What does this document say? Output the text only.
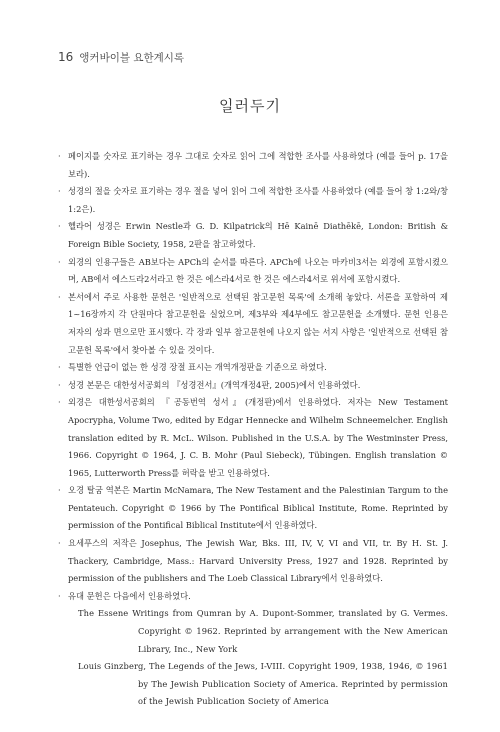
16 앵커바이블 요한계시록
일러두기
· 페이지를 숫자로 표기하는 경우 그대로 숫자로 읽어 그에 적합한 조사를 사용하였다 (예를 들어 p. 17을 보라).
· 성경의 절을 숫자로 표기하는 경우 절을 넣어 읽어 그에 적합한 조사를 사용하였다 (예를 들어 창 1:2와/창 1:2은).
· 헬라어 성경은 Erwin Nestle과 G. D. Kilpatrick의 Hē Kainē Diathēkē, London: British & Foreign Bible Society, 1958, 2판을 참고하였다.
· 외경의 인용구들은 AB보다는 APCh의 순서를 따른다. APCh에 나오는 마카비3서는 외경에 포함시켰으며, AB에서 에스드라2서라고 한 것은 에스라4서로 한 것은 에스라4서로 위서에 포함시켰다.
· 본서에서 주로 사용한 문헌은 '일반적으로 선택된 참고문헌 목록'에 소개해 놓았다. 서론을 포함하여 제1~16장까지 각 단원마다 참고문헌을 실었으며, 제3부와 제4부에도 참고문헌을 소개했다. 문헌 인용은 저자의 성과 면으로만 표시했다. 각 장과 일부 참고문헌에 나오지 않는 서지 사항은 '일반적으로 선택된 참고문헌 목록'에서 찾아볼 수 있을 것이다.
· 특별한 언급이 없는 한 성경 장절 표시는 개역개정판을 기준으로 하였다.
· 성경 본문은 대한성서공회의 『성경전서』(개역개정4판, 2005)에서 인용하였다.
· 외경은 대한성서공회의 『공동번역 성서』(개정판)에서 인용하였다. 저자는 New Testament Apocrypha, Volume Two, edited by Edgar Hennecke and Wilhelm Schneemelcher. English translation edited by R. McL. Wilson. Published in the U.S.A. by The Westminster Press, 1966. Copyright © 1964, J. C. B. Mohr (Paul Siebeck), Tübingen. English translation © 1965, Lutterworth Press를 허락을 받고 인용하였다.
· 오경 탈굼 역본은 Martin McNamara, The New Testament and the Palestinian Targum to the Pentateuch. Copyright © 1966 by The Pontifical Biblical Institute, Rome. Reprinted by permission of the Pontifical Biblical Institute에서 인용하였다.
· 요세푸스의 저작은 Josephus, The Jewish War, Bks. III, IV, V, VI and VII, tr. By H. St. J. Thackery, Cambridge, Mass.: Harvard University Press, 1927 and 1928. Reprinted by permission of the publishers and The Loeb Classical Library에서 인용하였다.
· 유대 문헌은 다음에서 인용하였다.
The Essene Writings from Qumran by A. Dupont-Sommer, translated by G. Vermes. Copyright © 1962. Reprinted by arrangement with the New American Library, Inc., New York
Louis Ginzberg, The Legends of the Jews, I-VIII. Copyright 1909, 1938, 1946, © 1961 by The Jewish Publication Society of America. Reprinted by permission of the Jewish Publication Society of America
